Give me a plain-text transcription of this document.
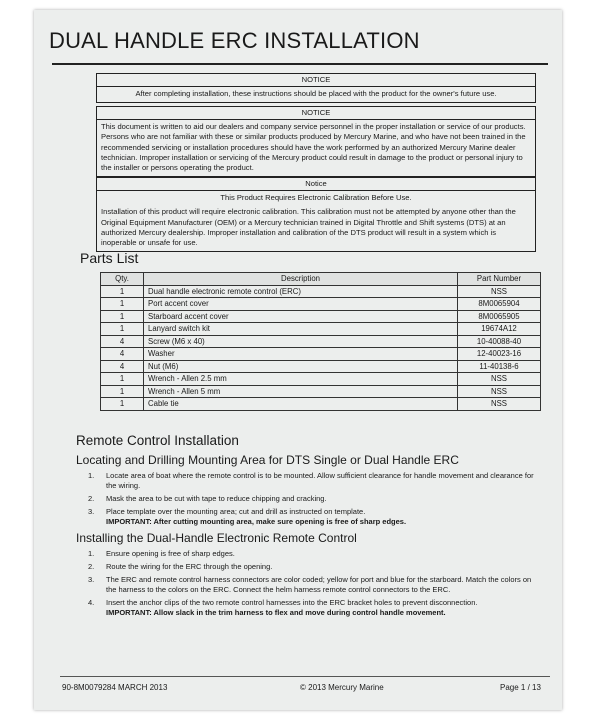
DUAL HANDLE ERC INSTALLATION
NOTICE
After completing installation, these instructions should be placed with the product for the owner's future use.
NOTICE
This document is written to aid our dealers and company service personnel in the proper installation or service of our products. Persons who are not familiar with these or similar products produced by Mercury Marine, and who have not been trained in the recommended servicing or installation procedures should have the work performed by an authorized Mercury Marine dealer technician. Improper installation or servicing of the Mercury product could result in damage to the product or personal injury to the installer or persons operating the product.
Notice
This Product Requires Electronic Calibration Before Use.
Installation of this product will require electronic calibration. This calibration must not be attempted by anyone other than the Original Equipment Manufacturer (OEM) or a Mercury technician trained in Digital Throttle and Shift systems (DTS) at an authorized Mercury dealership. Improper installation and calibration of the DTS product will result in a system which is inoperable or unsafe for use.
Parts List
Qty.	Description	Part Number
1	Dual handle electronic remote control (ERC)	NSS
1	Port accent cover	8M0065904
1	Starboard accent cover	8M0065905
1	Lanyard switch kit	19674A12
4	Screw (M6 x 40)	10-40088-40
4	Washer	12-40023-16
4	Nut (M6)	11-40138-6
1	Wrench - Allen 2.5 mm	NSS
1	Wrench - Allen 5 mm	NSS
1	Cable tie	NSS
Remote Control Installation
Locating and Drilling Mounting Area for DTS Single or Dual Handle ERC
1.	Locate area of boat where the remote control is to be mounted. Allow sufficient clearance for handle movement and clearance for the wiring.
2.	Mask the area to be cut with tape to reduce chipping and cracking.
3.	Place template over the mounting area; cut and drill as instructed on template.
IMPORTANT: After cutting mounting area, make sure opening is free of sharp edges.
Installing the Dual-Handle Electronic Remote Control
1.	Ensure opening is free of sharp edges.
2.	Route the wiring for the ERC through the opening.
3.	The ERC and remote control harness connectors are color coded; yellow for port and blue for the starboard. Match the colors on the harness to the colors on the ERC. Connect the helm harness remote control connectors to the ERC.
4.	Insert the anchor clips of the two remote control harnesses into the ERC bracket holes to prevent disconnection.
IMPORTANT: Allow slack in the trim harness to flex and move during control handle movement.
90-8M0079284 MARCH 2013	© 2013 Mercury Marine	Page 1 / 13
